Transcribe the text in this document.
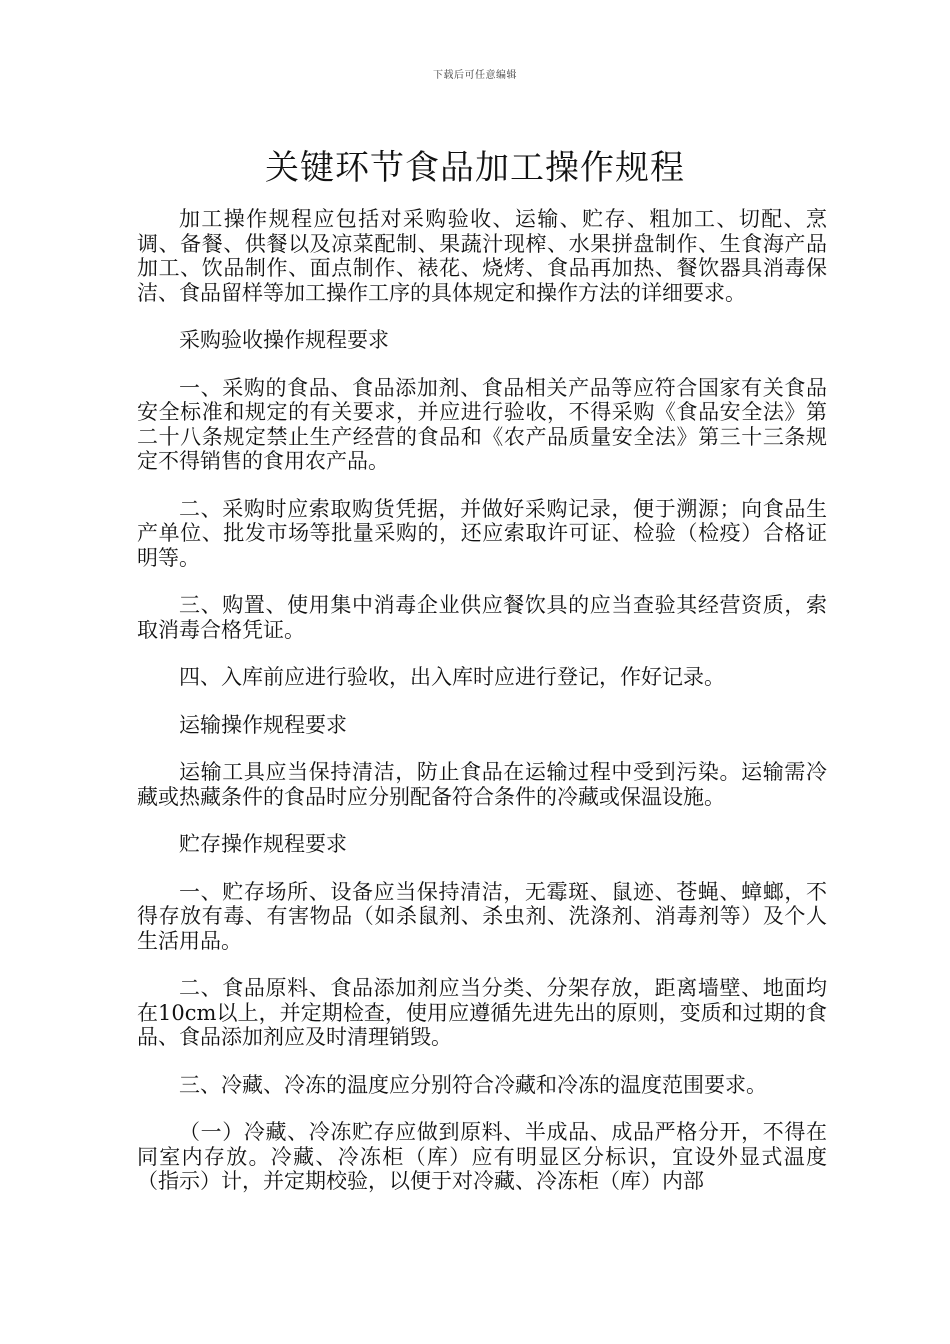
下载后可任意编辑
关键环节食品加工操作规程

加工操作规程应包括对采购验收、运输、贮存、粗加工、切配、烹调、备餐、供餐以及凉菜配制、果蔬汁现榨、水果拼盘制作、生食海产品加工、饮品制作、面点制作、裱花、烧烤、食品再加热、餐饮器具消毒保洁、食品留样等加工操作工序的具体规定和操作方法的详细要求。

采购验收操作规程要求

一、采购的食品、食品添加剂、食品相关产品等应符合国家有关食品安全标准和规定的有关要求，并应进行验收，不得采购《食品安全法》第二十八条规定禁止生产经营的食品和《农产品质量安全法》第三十三条规定不得销售的食用农产品。

二、采购时应索取购货凭据，并做好采购记录，便于溯源；向食品生产单位、批发市场等批量采购的，还应索取许可证、检验（检疫）合格证明等。

三、购置、使用集中消毒企业供应餐饮具的应当查验其经营资质，索取消毒合格凭证。

四、入库前应进行验收，出入库时应进行登记，作好记录。

运输操作规程要求

运输工具应当保持清洁，防止食品在运输过程中受到污染。运输需冷藏或热藏条件的食品时应分别配备符合条件的冷藏或保温设施。

贮存操作规程要求

一、贮存场所、设备应当保持清洁，无霉斑、鼠迹、苍蝇、蟑螂，不得存放有毒、有害物品（如杀鼠剂、杀虫剂、洗涤剂、消毒剂等）及个人生活用品。

二、食品原料、食品添加剂应当分类、分架存放，距离墙壁、地面均在10cm以上，并定期检查，使用应遵循先进先出的原则，变质和过期的食品、食品添加剂应及时清理销毁。

三、冷藏、冷冻的温度应分别符合冷藏和冷冻的温度范围要求。

（一）冷藏、冷冻贮存应做到原料、半成品、成品严格分开，不得在同室内存放。冷藏、冷冻柜（库）应有明显区分标识，宜设外显式温度（指示）计，并定期校验，以便于对冷藏、冷冻柜（库）内部
